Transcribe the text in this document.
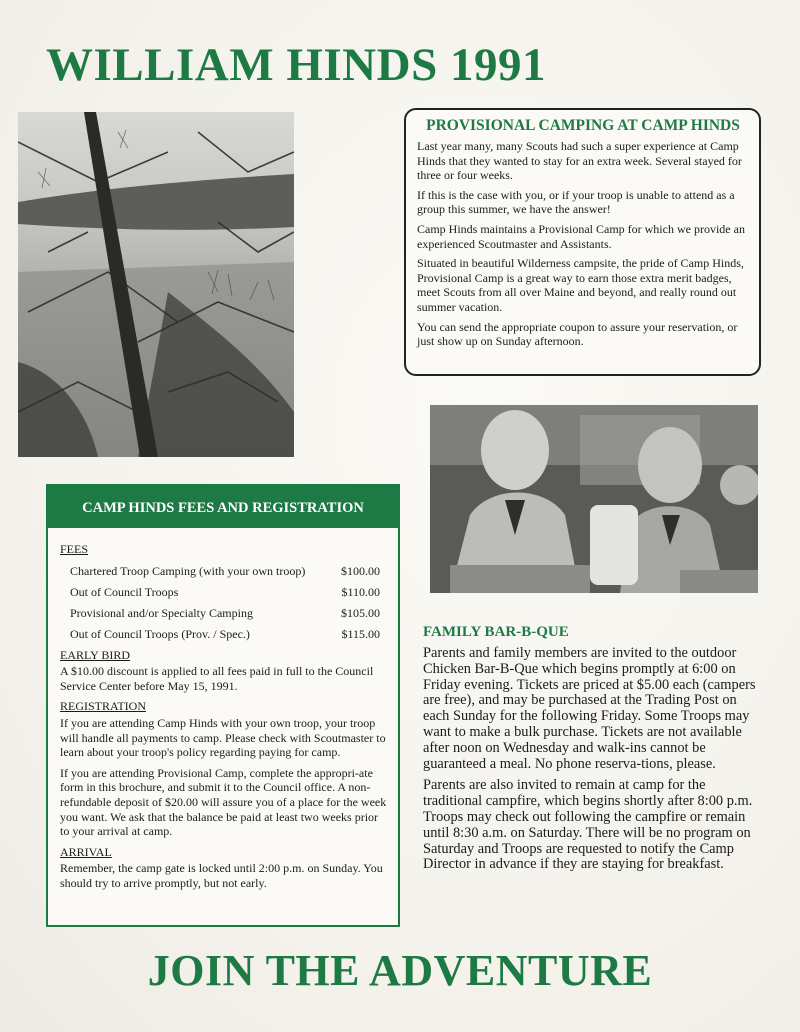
WILLIAM HINDS 1991
PROVISIONAL CAMPING AT CAMP HINDS

Last year many, many Scouts had such a super experience at Camp Hinds that they wanted to stay for an extra week. Several stayed for three or four weeks.

If this is the case with you, or if your troop is unable to attend as a group this summer, we have the answer!

Camp Hinds maintains a Provisional Camp for which we provide an experienced Scoutmaster and Assistants.

Situated in beautiful Wilderness campsite, the pride of Camp Hinds, Provisional Camp is a great way to earn those extra merit badges, meet Scouts from all over Maine and beyond, and really round out summer vacation.

You can send the appropriate coupon to assure your reservation, or just show up on Sunday afternoon.

CAMP HINDS FEES AND REGISTRATION

FEES

Chartered Troop Camping (with your own troop)	$100.00
Out of Council Troops	$110.00
Provisional and/or Specialty Camping	$105.00
Out of Council Troops (Prov. / Spec.)	$115.00

EARLY BIRD

A $10.00 discount is applied to all fees paid in full to the Council Service Center before May 15, 1991.

REGISTRATION

If you are attending Camp Hinds with your own troop, your troop will handle all payments to camp. Please check with Scoutmaster to learn about your troop's policy regarding paying for camp.

If you are attending Provisional Camp, complete the appropri-ate form in this brochure, and submit it to the Council office. A non-refundable deposit of $20.00 will assure you of a place for the week you want. We ask that the balance be paid at least two weeks prior to your arrival at camp.

ARRIVAL

Remember, the camp gate is locked until 2:00 p.m. on Sunday. You should try to arrive promptly, but not early.

FAMILY BAR-B-QUE

Parents and family members are invited to the outdoor Chicken Bar-B-Que which begins promptly at 6:00 on Friday evening. Tickets are priced at $5.00 each (campers are free), and may be purchased at the Trading Post on each Sunday for the following Friday. Some Troops may want to make a bulk purchase. Tickets are not available after noon on Wednesday and walk-ins cannot be guaranteed a meal. No phone reserva-tions, please.

Parents are also invited to remain at camp for the traditional campfire, which begins shortly after 8:00 p.m. Troops may check out following the campfire or remain until 8:30 a.m. on Saturday. There will be no program on Saturday and Troops are requested to notify the Camp Director in advance if they are staying for breakfast.

JOIN THE ADVENTURE
